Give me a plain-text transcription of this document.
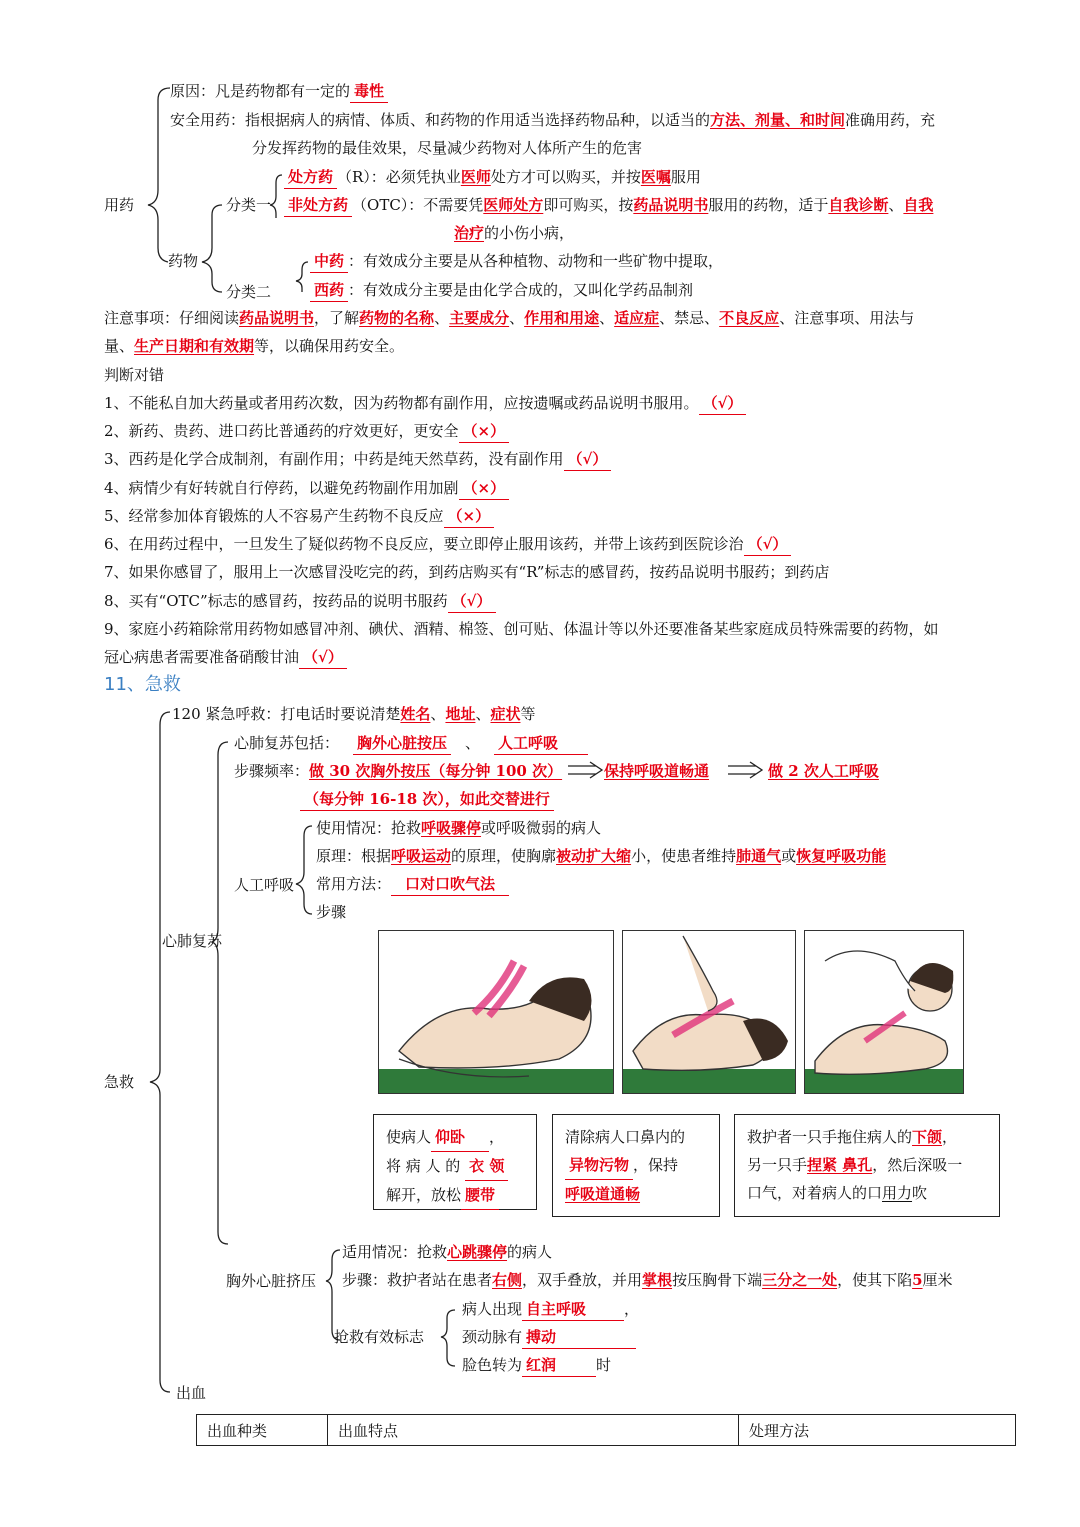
用药
原因：凡是药物都有一定的 毒性
安全用药：指根据病人的病情、体质、和药物的作用适当选择药物品种，以适当的方法、剂量、和时间准确用药，充
分发挥药物的最佳效果，尽量减少药物对人体所产生的危害
药物
分类一
分类二
处方药 （R）：必须凭执业医师处方才可以购买，并按医嘱服用
非处方药 （OTC）：不需要凭医师处方即可购买，按药品说明书服用的药物，适于自我诊断、自我
治疗的小伤小病，
中药 ：有效成分主要是从各种植物、动物和一些矿物中提取，
西药 ：有效成分主要是由化学合成的，又叫化学药品制剂
注意事项：仔细阅读药品说明书，了解药物的名称、主要成分、作用和用途、适应症、禁忌、不良反应、注意事项、用法与
量、生产日期和有效期等，以确保用药安全。
判断对错
1、不能私自加大药量或者用药次数，因为药物都有副作用，应按遗嘱或药品说明书服用。 （√）
2、新药、贵药、进口药比普通药的疗效更好，更安全 （×）
3、西药是化学合成制剂，有副作用；中药是纯天然草药，没有副作用 （√）
4、病情少有好转就自行停药，以避免药物副作用加剧 （×）
5、经常参加体育锻炼的人不容易产生药物不良反应 （×）
6、在用药过程中，一旦发生了疑似药物不良反应，要立即停止服用该药，并带上该药到医院诊治 （√）
7、如果你感冒了，服用上一次感冒没吃完的药，到药店购买有“R”标志的感冒药，按药品说明书服药；到药店
8、买有“OTC”标志的感冒药，按药品的说明书服药 （√）
9、家庭小药箱除常用药物如感冒冲剂、碘伏、酒精、棉签、创可贴、体温计等以外还要准备某些家庭成员特殊需要的药物，如
冠心病患者需要准备硝酸甘油 （√）
11、急救
急救
120 紧急呼救：打电话时要说清楚姓名、地址、症状等
心肺复苏
心肺复苏包括： 胸外心脏按压 、 人工呼吸
步骤频率：做 30 次胸外按压（每分钟 100 次）	保持呼吸道畅通	做 2 次人工呼吸
（每分钟 16-18 次），如此交替进行
人工呼吸
使用情况：抢救呼吸骤停或呼吸微弱的病人
原理：根据呼吸运动的原理，使胸廓被动扩大缩小，使患者维持肺通气或恢复呼吸功能
常用方法： 口对口吹气法
步骤
使病人 仰卧 ，
将 病 人 的 衣 领
解开，放松 腰带
清除病人口鼻内的
异物污物 ，保持
呼吸道通畅
救护者一只手拖住病人的下颌，
另一只手捏紧 鼻孔，然后深吸一
口气，对着病人的口用力吹
胸外心脏挤压
适用情况：抢救心跳骤停的病人
步骤：救护者站在患者右侧，双手叠放，并用掌根按压胸骨下端三分之一处，使其下陷5厘米
抢救有效标志
病人出现 自主呼吸	，
颈动脉有 搏动
脸色转为 红润	时
出血
出血种类	出血特点	处理方法
